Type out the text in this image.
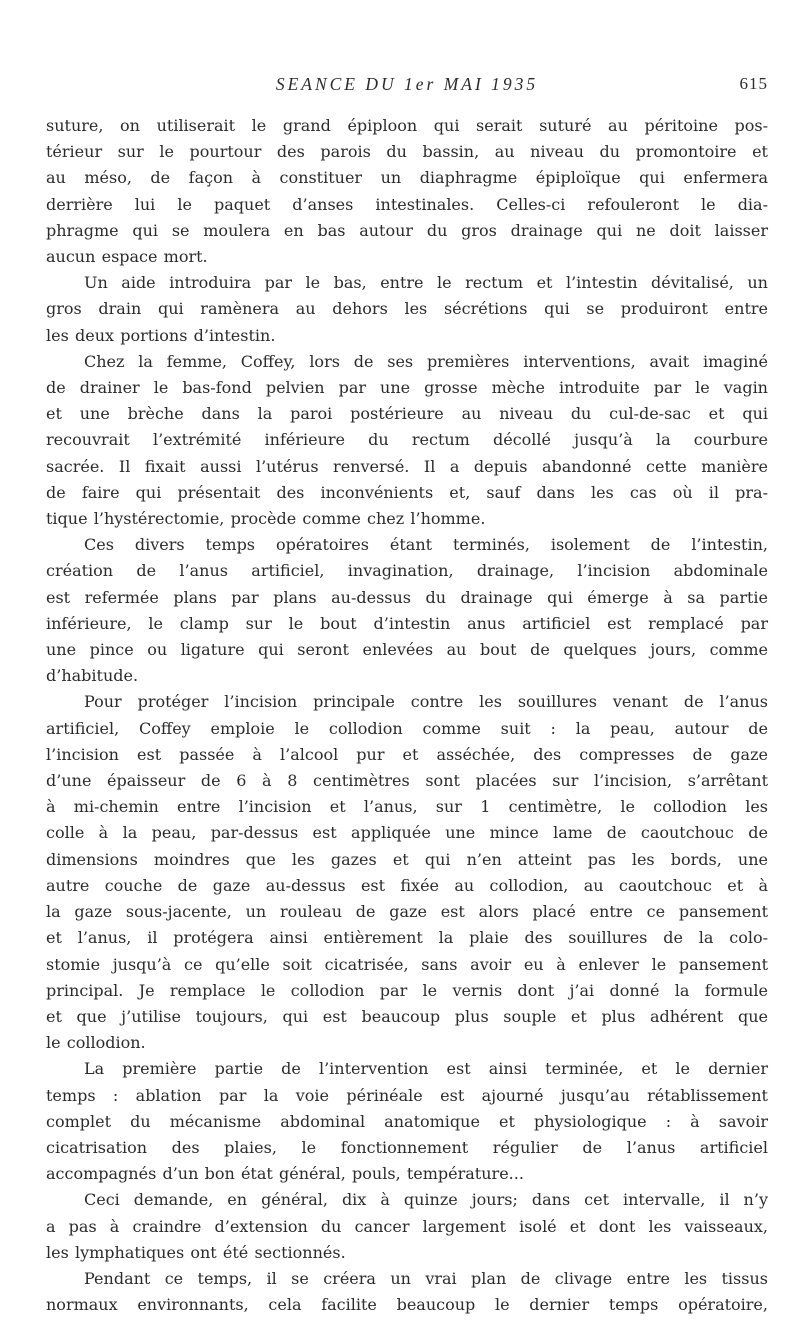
SEANCE DU 1er MAI 1935	615
suture, on utiliserait le grand épiploon qui serait suturé au péritoine pos-
térieur sur le pourtour des parois du bassin, au niveau du promontoire et
au méso, de façon à constituer un diaphragme épiploïque qui enfermera
derrière lui le paquet d’anses intestinales. Celles-ci refouleront le dia-
phragme qui se moulera en bas autour du gros drainage qui ne doit laisser
aucun espace mort.
Un aide introduira par le bas, entre le rectum et l’intestin dévitalisé, un
gros drain qui ramènera au dehors les sécrétions qui se produiront entre
les deux portions d’intestin.
Chez la femme, Coffey, lors de ses premières interventions, avait imaginé
de drainer le bas-fond pelvien par une grosse mèche introduite par le vagin
et une brèche dans la paroi postérieure au niveau du cul-de-sac et qui
recouvrait l’extrémité inférieure du rectum décollé jusqu’à la courbure
sacrée. Il fixait aussi l’utérus renversé. Il a depuis abandonné cette manière
de faire qui présentait des inconvénients et, sauf dans les cas où il pra-
tique l’hystérectomie, procède comme chez l’homme.
Ces divers temps opératoires étant terminés, isolement de l’intestin,
création de l’anus artificiel, invagination, drainage, l’incision abdominale
est refermée plans par plans au-dessus du drainage qui émerge à sa partie
inférieure, le clamp sur le bout d’intestin anus artificiel est remplacé par
une pince ou ligature qui seront enlevées au bout de quelques jours, comme
d’habitude.
Pour protéger l’incision principale contre les souillures venant de l’anus
artificiel, Coffey emploie le collodion comme suit : la peau, autour de
l’incision est passée à l’alcool pur et asséchée, des compresses de gaze
d’une épaisseur de 6 à 8 centimètres sont placées sur l’incision, s’arrêtant
à mi-chemin entre l’incision et l’anus, sur 1 centimètre, le collodion les
colle à la peau, par-dessus est appliquée une mince lame de caoutchouc de
dimensions moindres que les gazes et qui n’en atteint pas les bords, une
autre couche de gaze au-dessus est fixée au collodion, au caoutchouc et à
la gaze sous-jacente, un rouleau de gaze est alors placé entre ce pansement
et l’anus, il protégera ainsi entièrement la plaie des souillures de la colo-
stomie jusqu’à ce qu’elle soit cicatrisée, sans avoir eu à enlever le pansement
principal. Je remplace le collodion par le vernis dont j’ai donné la formule
et que j’utilise toujours, qui est beaucoup plus souple et plus adhérent que
le collodion.
La première partie de l’intervention est ainsi terminée, et le dernier
temps : ablation par la voie périnéale est ajourné jusqu’au rétablissement
complet du mécanisme abdominal anatomique et physiologique : à savoir
cicatrisation des plaies, le fonctionnement régulier de l’anus artificiel
accompagnés d’un bon état général, pouls, température...
Ceci demande, en général, dix à quinze jours; dans cet intervalle, il n’y
a pas à craindre d’extension du cancer largement isolé et dont les vaisseaux,
les lymphatiques ont été sectionnés.
Pendant ce temps, il se créera un vrai plan de clivage entre les tissus
normaux environnants, cela facilite beaucoup le dernier temps opératoire,
